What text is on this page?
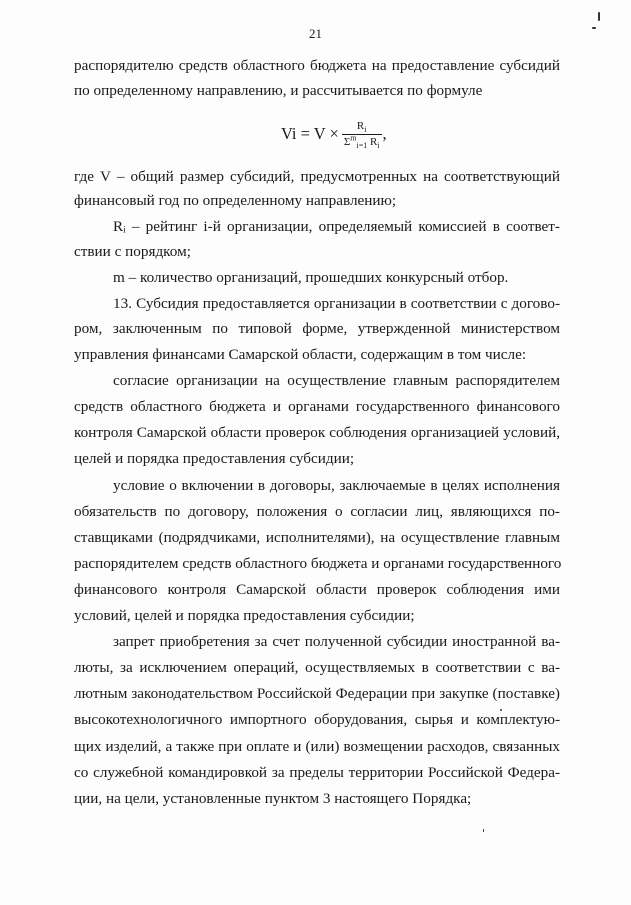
21
распорядителю средств областного бюджета на предоставление субсидий
по определенному направлению, и рассчитывается по формуле
$Vi = V \times \frac{R_i}{\Sigma^m_{i=1} R_i}$ ,
где V – общий размер субсидий, предусмотренных на соответствующий
финансовый год по определенному направлению;
Rᵢ – рейтинг i-й организации, определяемый комиссией в соответ-
ствии с порядком;
m – количество организаций, прошедших конкурсный отбор.
13. Субсидия предоставляется организации в соответствии с догово-
ром, заключенным по типовой форме, утвержденной министерством
управления финансами Самарской области, содержащим в том числе:
согласие организации на осуществление главным распорядителем
средств областного бюджета и органами государственного финансового
контроля Самарской области проверок соблюдения организацией условий,
целей и порядка предоставления субсидии;
условие о включении в договоры, заключаемые в целях исполнения
обязательств по договору, положения о согласии лиц, являющихся по-
ставщиками (подрядчиками, исполнителями), на осуществление главным
распорядителем средств областного бюджета и органами государственного
финансового контроля Самарской области проверок соблюдения ими
условий, целей и порядка предоставления субсидии;
запрет приобретения за счет полученной субсидии иностранной ва-
люты, за исключением операций, осуществляемых в соответствии с ва-
лютным законодательством Российской Федерации при закупке (поставке)
высокотехнологичного импортного оборудования, сырья и комплектую-
щих изделий, а также при оплате и (или) возмещении расходов, связанных
со служебной командировкой за пределы территории Российской Федера-
ции, на цели, установленные пунктом 3 настоящего Порядка;
